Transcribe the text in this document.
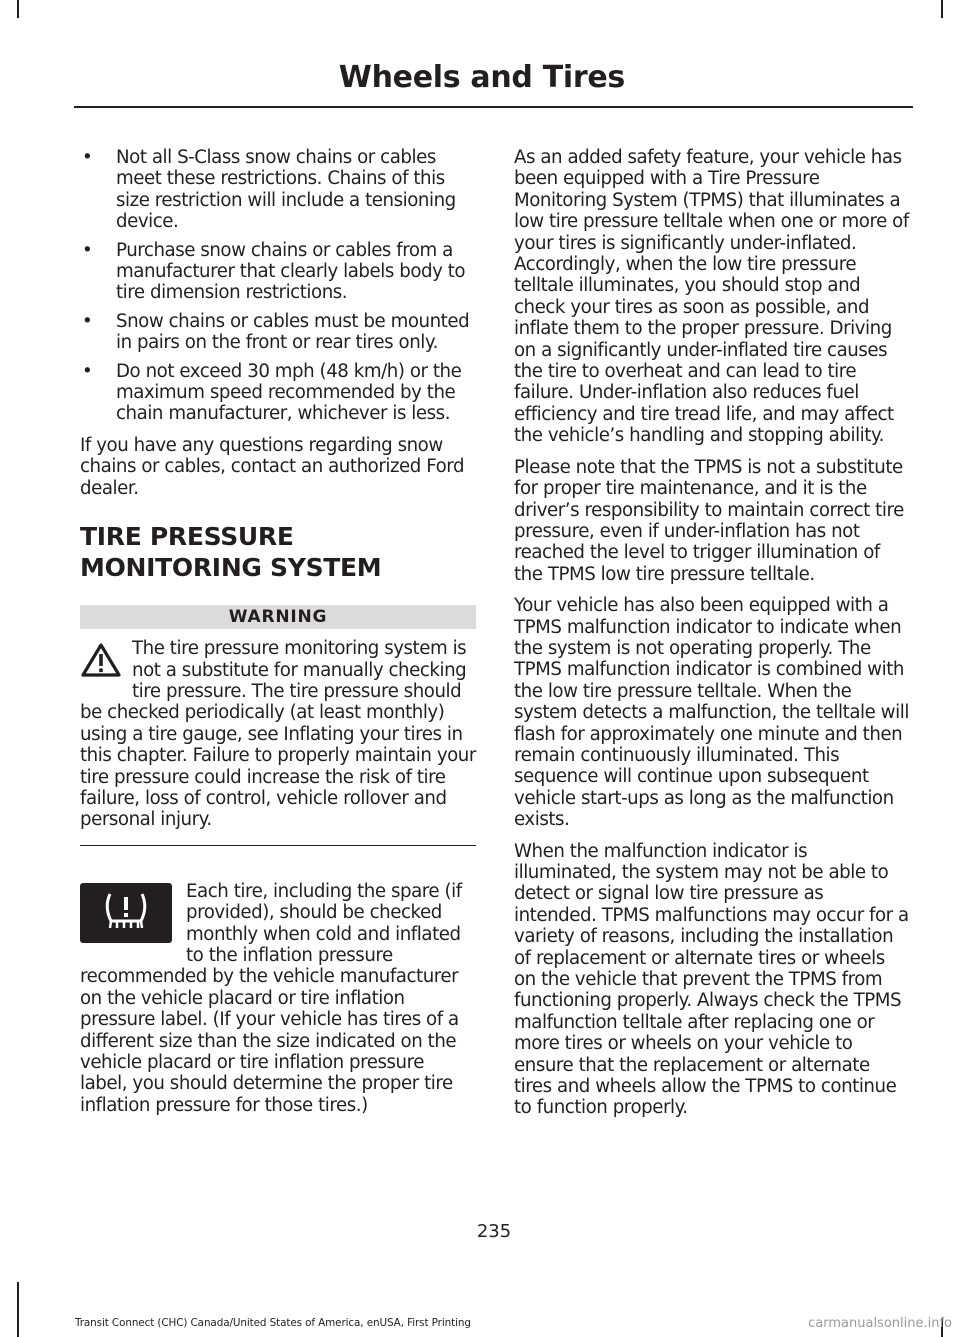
Wheels and Tires
• Not all S-Class snow chains or cables meet these restrictions. Chains of this size restriction will include a tensioning device.
• Purchase snow chains or cables from a manufacturer that clearly labels body to tire dimension restrictions.
• Snow chains or cables must be mounted in pairs on the front or rear tires only.
• Do not exceed 30 mph (48 km/h) or the maximum speed recommended by the chain manufacturer, whichever is less.

If you have any questions regarding snow chains or cables, contact an authorized Ford dealer.

TIRE PRESSURE MONITORING SYSTEM
WARNING
The tire pressure monitoring system is not a substitute for manually checking tire pressure. The tire pressure should be checked periodically (at least monthly) using a tire gauge, see Inflating your tires in this chapter. Failure to properly maintain your tire pressure could increase the risk of tire failure, loss of control, vehicle rollover and personal injury.
Each tire, including the spare (if provided), should be checked monthly when cold and inflated to the inflation pressure recommended by the vehicle manufacturer on the vehicle placard or tire inflation pressure label. (If your vehicle has tires of a different size than the size indicated on the vehicle placard or tire inflation pressure label, you should determine the proper tire inflation pressure for those tires.)

As an added safety feature, your vehicle has been equipped with a Tire Pressure Monitoring System (TPMS) that illuminates a low tire pressure telltale when one or more of your tires is significantly under-inflated. Accordingly, when the low tire pressure telltale illuminates, you should stop and check your tires as soon as possible, and inflate them to the proper pressure. Driving on a significantly under-inflated tire causes the tire to overheat and can lead to tire failure. Under-inflation also reduces fuel efficiency and tire tread life, and may affect the vehicle’s handling and stopping ability.

Please note that the TPMS is not a substitute for proper tire maintenance, and it is the driver’s responsibility to maintain correct tire pressure, even if under-inflation has not reached the level to trigger illumination of the TPMS low tire pressure telltale.

Your vehicle has also been equipped with a TPMS malfunction indicator to indicate when the system is not operating properly. The TPMS malfunction indicator is combined with the low tire pressure telltale. When the system detects a malfunction, the telltale will flash for approximately one minute and then remain continuously illuminated. This sequence will continue upon subsequent vehicle start-ups as long as the malfunction exists.

When the malfunction indicator is illuminated, the system may not be able to detect or signal low tire pressure as intended. TPMS malfunctions may occur for a variety of reasons, including the installation of replacement or alternate tires or wheels on the vehicle that prevent the TPMS from functioning properly. Always check the TPMS malfunction telltale after replacing one or more tires or wheels on your vehicle to ensure that the replacement or alternate tires and wheels allow the TPMS to continue to function properly.

235
Transit Connect (CHC) Canada/United States of America, enUSA, First Printing	carmanualsonline.info
